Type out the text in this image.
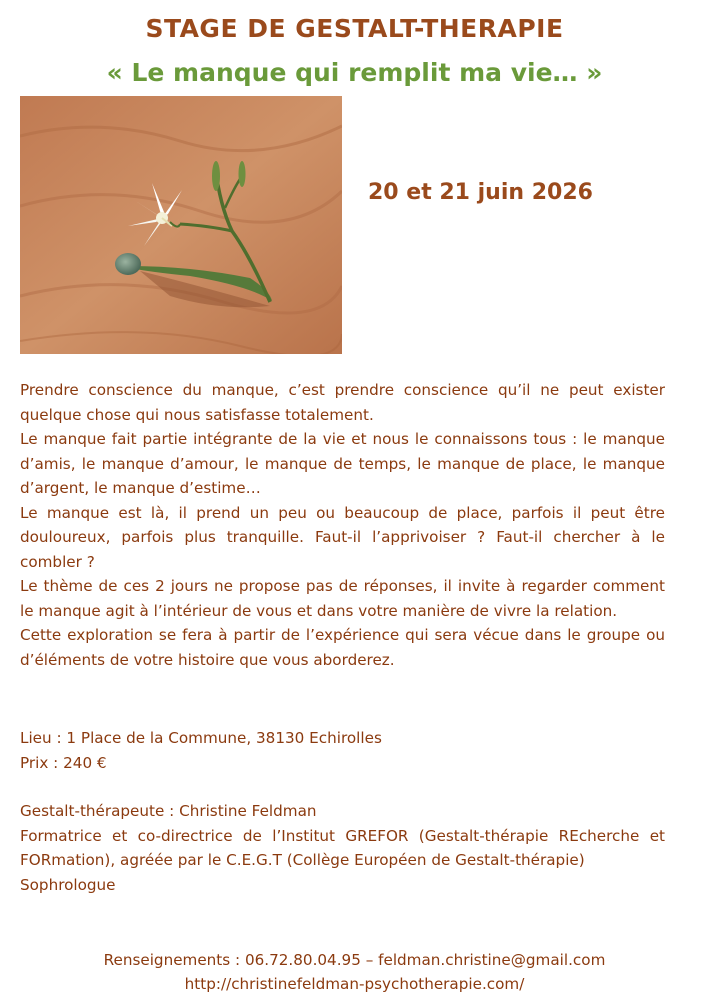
STAGE DE GESTALT-THERAPIE
« Le manque qui remplit ma vie… »
20 et 21 juin 2026

Prendre conscience du manque, c’est prendre conscience qu’il ne peut exister quelque chose qui nous satisfasse totalement.

Le manque fait partie intégrante de la vie et nous le connaissons tous : le manque d’amis, le manque d’amour, le manque de temps, le manque de place, le manque d’argent, le manque d’estime…

Le manque est là, il prend un peu ou beaucoup de place, parfois il peut être douloureux, parfois plus tranquille. Faut-il l’apprivoiser ? Faut-il chercher à le combler ?

Le thème de ces 2 jours ne propose pas de réponses, il invite à regarder comment le manque agit à l’intérieur de vous et dans votre manière de vivre la relation.

Cette exploration se fera à partir de l’expérience qui sera vécue dans le groupe ou d’éléments de votre histoire que vous aborderez.

Lieu : 1 Place de la Commune, 38130 Echirolles

Prix : 240 €

Gestalt-thérapeute : Christine Feldman

Formatrice et co-directrice de l’Institut GREFOR (Gestalt-thérapie REcherche et FORmation), agréée par le C.E.G.T (Collège Européen de Gestalt-thérapie)

Sophrologue

Renseignements : 06.72.80.04.95 – feldman.christine@gmail.com
http://christinefeldman-psychotherapie.com/
